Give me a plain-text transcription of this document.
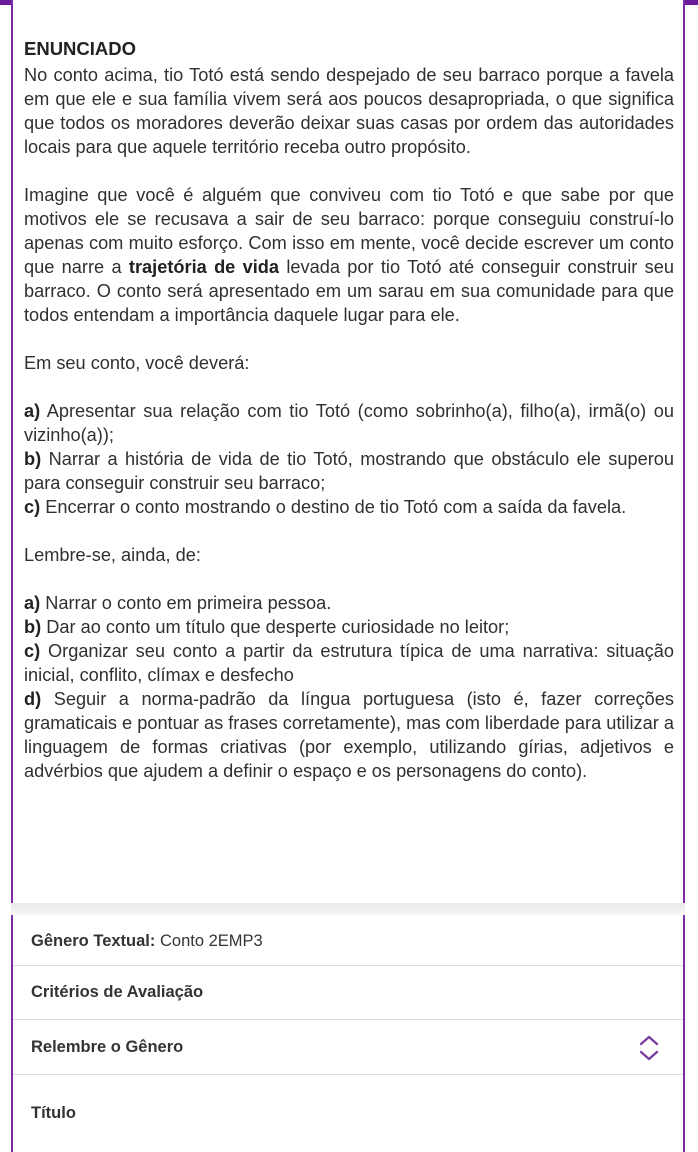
ENUNCIADO

No conto acima, tio Totó está sendo despejado de seu barraco porque a favela em que ele e sua família vivem será aos poucos desapropriada, o que significa que todos os moradores deverão deixar suas casas por ordem das autoridades locais para que aquele território receba outro propósito.

Imagine que você é alguém que conviveu com tio Totó e que sabe por que motivos ele se recusava a sair de seu barraco: porque conseguiu construí-lo apenas com muito esforço. Com isso em mente, você decide escrever um conto que narre a trajetória de vida levada por tio Totó até conseguir construir seu barraco. O conto será apresentado em um sarau em sua comunidade para que todos entendam a importância daquele lugar para ele.

Em seu conto, você deverá:

a) Apresentar sua relação com tio Totó (como sobrinho(a), filho(a), irmã(o) ou vizinho(a));

b) Narrar a história de vida de tio Totó, mostrando que obstáculo ele superou para conseguir construir seu barraco;

c) Encerrar o conto mostrando o destino de tio Totó com a saída da favela.

Lembre-se, ainda, de:

a) Narrar o conto em primeira pessoa.

b) Dar ao conto um título que desperte curiosidade no leitor;

c) Organizar seu conto a partir da estrutura típica de uma narrativa: situação inicial, conflito, clímax e desfecho

d) Seguir a norma-padrão da língua portuguesa (isto é, fazer correções gramaticais e pontuar as frases corretamente), mas com liberdade para utilizar a linguagem de formas criativas (por exemplo, utilizando gírias, adjetivos e advérbios que ajudem a definir o espaço e os personagens do conto).

Gênero Textual: Conto 2EMP3
Critérios de Avaliação
Relembre o Gênero
Título
